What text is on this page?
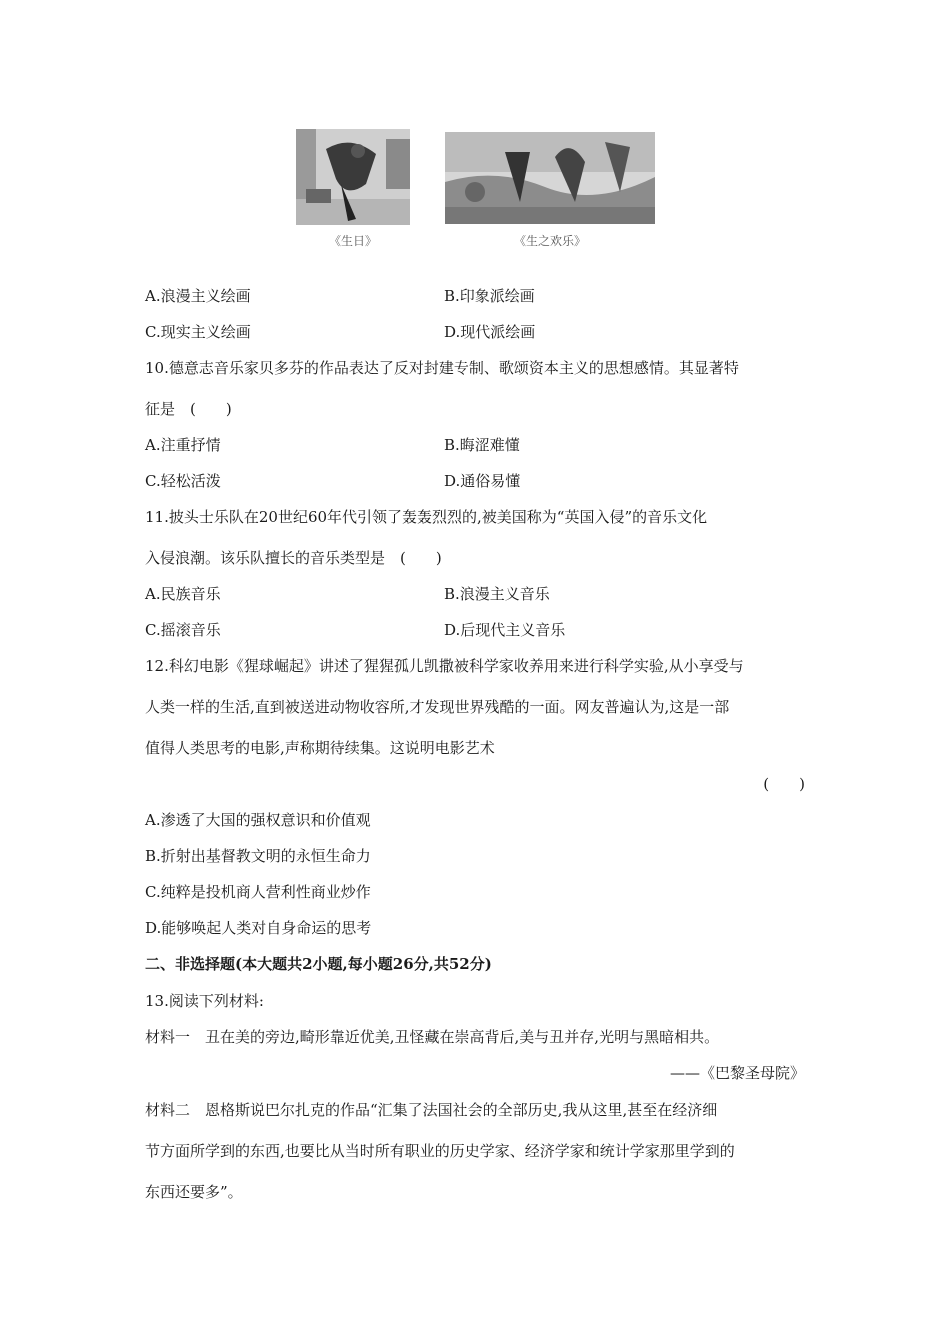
《生日》	《生之欢乐》
A.浪漫主义绘画	B.印象派绘画
C.现实主义绘画	D.现代派绘画
10.德意志音乐家贝多芬的作品表达了反对封建专制、歌颂资本主义的思想感情。其显著特
征是　(　　)
A.注重抒情	B.晦涩难懂
C.轻松活泼	D.通俗易懂
11.披头士乐队在20世纪60年代引领了轰轰烈烈的,被美国称为“英国入侵”的音乐文化
入侵浪潮。该乐队擅长的音乐类型是　(　　)
A.民族音乐	B.浪漫主义音乐
C.摇滚音乐	D.后现代主义音乐
12.科幻电影《猩球崛起》讲述了猩猩孤儿凯撒被科学家收养用来进行科学实验,从小享受与
人类一样的生活,直到被送进动物收容所,才发现世界残酷的一面。网友普遍认为,这是一部
值得人类思考的电影,声称期待续集。这说明电影艺术
(　　)
A.渗透了大国的强权意识和价值观
B.折射出基督教文明的永恒生命力
C.纯粹是投机商人营利性商业炒作
D.能够唤起人类对自身命运的思考
二、非选择题(本大题共2小题,每小题26分,共52分)
13.阅读下列材料:
材料一　丑在美的旁边,畸形靠近优美,丑怪藏在崇高背后,美与丑并存,光明与黑暗相共。
——《巴黎圣母院》
材料二　恩格斯说巴尔扎克的作品“汇集了法国社会的全部历史,我从这里,甚至在经济细
节方面所学到的东西,也要比从当时所有职业的历史学家、经济学家和统计学家那里学到的
东西还要多”。
